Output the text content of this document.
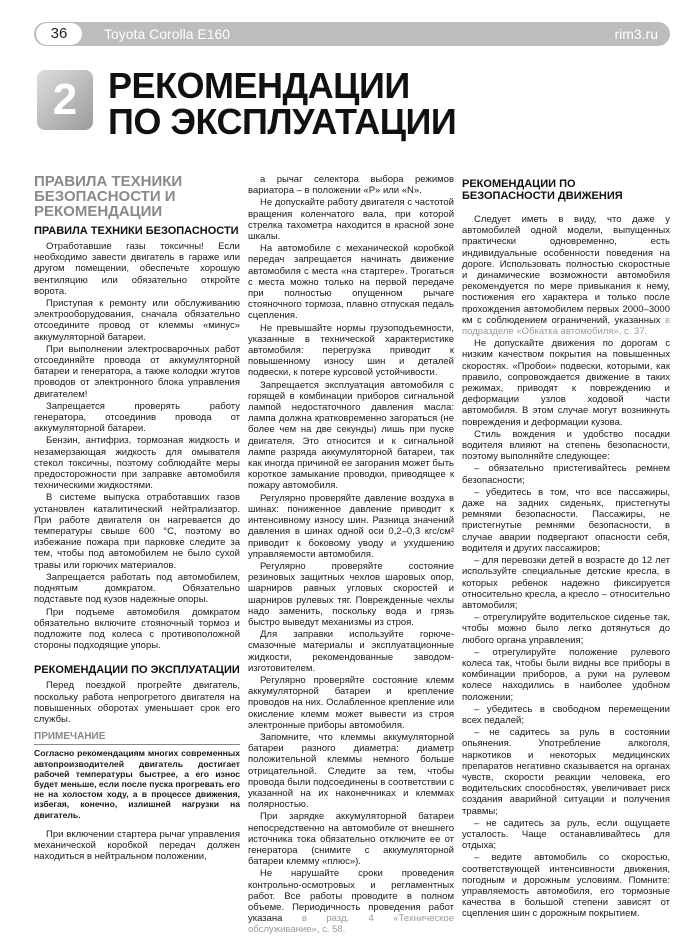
36	Toyota Corolla E160	rim3.ru
2 РЕКОМЕНДАЦИИ
ПО ЭКСПЛУАТАЦИИ
ПРАВИЛА ТЕХНИКИ БЕЗОПАСНОСТИ И РЕКОМЕНДАЦИИ
ПРАВИЛА ТЕХНИКИ БЕЗОПАСНОСТИ

Отработавшие газы токсичны! Если необходимо завести двигатель в гараже или другом помещении, обеспечьте хорошую вентиляцию или обязательно откройте ворота.

Приступая к ремонту или обслуживанию электрооборудования, сначала обязательно отсоедините провод от клеммы «минус» аккумуляторной батареи.

При выполнении электросварочных работ отсоединяйте провода от аккумуляторной батареи и генератора, а также колодки жгутов проводов от электронного блока управления двигателем!

Запрещается проверять работу генератора, отсоединив провода от аккумуляторной батареи.

Бензин, антифриз, тормозная жидкость и незамерзающая жидкость для омывателя стекол токсичны, поэтому соблюдайте меры предосторожности при заправке автомобиля техническими жидкостями.

В системе выпуска отработавших газов установлен каталитический нейтрализатор. При работе двигателя он нагревается до температуры свыше 600 °С, поэтому во избежание пожара при парковке следите за тем, чтобы под автомобилем не было сухой травы или горючих материалов.

Запрещается работать под автомобилем, поднятым домкратом. Обязательно подставьте под кузов надежные опоры.

При подъеме автомобиля домкратом обязательно включите стояночный тормоз и подложите под колеса с противоположной стороны подходящие упоры.

РЕКОМЕНДАЦИИ ПО ЭКСПЛУАТАЦИИ

Перед поездкой прогрейте двигатель, поскольку работа непрогретого двигателя на повышенных оборотах уменьшает срок его службы.

ПРИМЕЧАНИЕ

Согласно рекомендациям многих современных автопроизводителей двигатель достигает рабочей температуры быстрее, а его износ будет меньше, если после пуска прогревать его не на холостом ходу, а в процессе движения, избегая, конечно, излишней нагрузки на двигатель.

При включении стартера рычаг управления механической коробкой передач должен находиться в нейтральном положении,

а рычаг селектора выбора режимов вариатора – в положении «P» или «N».

Не допускайте работу двигателя с частотой вращения коленчатого вала, при которой стрелка тахометра находится в красной зоне шкалы.

На автомобиле с механической коробкой передач запрещается начинать движение автомобиля с места «на стартере». Трогаться с места можно только на первой передаче при полностью опущенном рычаге стояночного тормоза, плавно отпуская педаль сцепления.

Не превышайте нормы грузоподъемности, указанные в технической характеристике автомобиля: перегрузка приводит к повышенному износу шин и деталей подвески, к потере курсовой устойчивости.

Запрещается эксплуатация автомобиля с горящей в комбинации приборов сигнальной лампой недостаточного давления масла: лампа должна кратковременно загораться (не более чем на две секунды) лишь при пуске двигателя. Это относится и к сигнальной лампе разряда аккумуляторной батареи, так как иногда причиной ее загорания может быть короткое замыкание проводки, приводящее к пожару автомобиля.

Регулярно проверяйте давление воздуха в шинах: пониженное давление приводит к интенсивному износу шин. Разница значений давления в шинах одной оси 0,2–0,3 кгс/см² приводит к боковому уводу и ухудшению управляемости автомобиля.

Регулярно проверяйте состояние резиновых защитных чехлов шаровых опор, шарниров равных угловых скоростей и шарниров рулевых тяг. Поврежденные чехлы надо заменить, поскольку вода и грязь быстро выведут механизмы из строя.

Для заправки используйте горюче-смазочные материалы и эксплуатационные жидкости, рекомендованные заводом-изготовителем.

Регулярно проверяйте состояние клемм аккумуляторной батареи и крепление проводов на них. Ослабленное крепление или окисление клемм может вывести из строя электронные приборы автомобиля.

Запомните, что клеммы аккумуляторной батареи разного диаметра: диаметр положительной клеммы немного больше отрицательной. Следите за тем, чтобы провода были подсоединены в соответствии с указанной на их наконечниках и клеммах полярностью.

При зарядке аккумуляторной батареи непосредственно на автомобиле от внешнего источника тока обязательно отключите ее от генератора (снимите с аккумуляторной батареи клемму «плюс»).

Не нарушайте сроки проведения контрольно-осмотровых и регламентных работ. Все работы проводите в полном объеме. Периодичность проведения работ указана в разд. 4 «Техническое обслуживание», с. 58.

РЕКОМЕНДАЦИИ ПО БЕЗОПАСНОСТИ ДВИЖЕНИЯ

Следует иметь в виду, что даже у автомобилей одной модели, выпущенных практически одновременно, есть индивидуальные особенности поведения на дороге. Использовать полностью скоростные и динамические возможности автомобиля рекомендуется по мере привыкания к нему, постижения его характера и только после прохождения автомобилем первых 2000–3000 км с соблюдением ограничений, указанных в подразделе «Обкатка автомобиля», с. 37.

Не допускайте движения по дорогам с низким качеством покрытия на повышенных скоростях. «Пробои» подвески, которыми, как правило, сопровождается движение в таких режимах, приводят к повреждению и деформации узлов ходовой части автомобиля. В этом случае могут возникнуть повреждения и деформации кузова.

Стиль вождения и удобство посадки водителя влияют на степень безопасности, поэтому выполняйте следующее:

– обязательно пристегивайтесь ремнем безопасности;

– убедитесь в том, что все пассажиры, даже на задних сиденьях, пристегнуты ремнями безопасности. Пассажиры, не пристегнутые ремнями безопасности, в случае аварии подвергают опасности себя, водителя и других пассажиров;

– для перевозки детей в возрасте до 12 лет используйте специальные детские кресла, в которых ребенок надежно фиксируется относительно кресла, а кресло – относительно автомобиля;

– отрегулируйте водительское сиденье так, чтобы можно было легко дотянуться до любого органа управления;

– отрегулируйте положение рулевого колеса так, чтобы были видны все приборы в комбинации приборов, а руки на рулевом колесе находились в наиболее удобном положении;

– убедитесь в свободном перемещении всех педалей;

– не садитесь за руль в состоянии опьянения. Употребление алкоголя, наркотиков и некоторых медицинских препаратов негативно сказывается на органах чувств, скорости реакции человека, его водительских способностях, увеличивает риск создания аварийной ситуации и получения травмы;

– не садитесь за руль, если ощущаете усталость. Чаще останавливайтесь для отдыха;

– ведите автомобиль со скоростью, соответствующей интенсивности движения, погодным и дорожным условиям. Помните: управляемость автомобиля, его тормозные качества в большой степени зависят от сцепления шин с дорожным покрытием.
